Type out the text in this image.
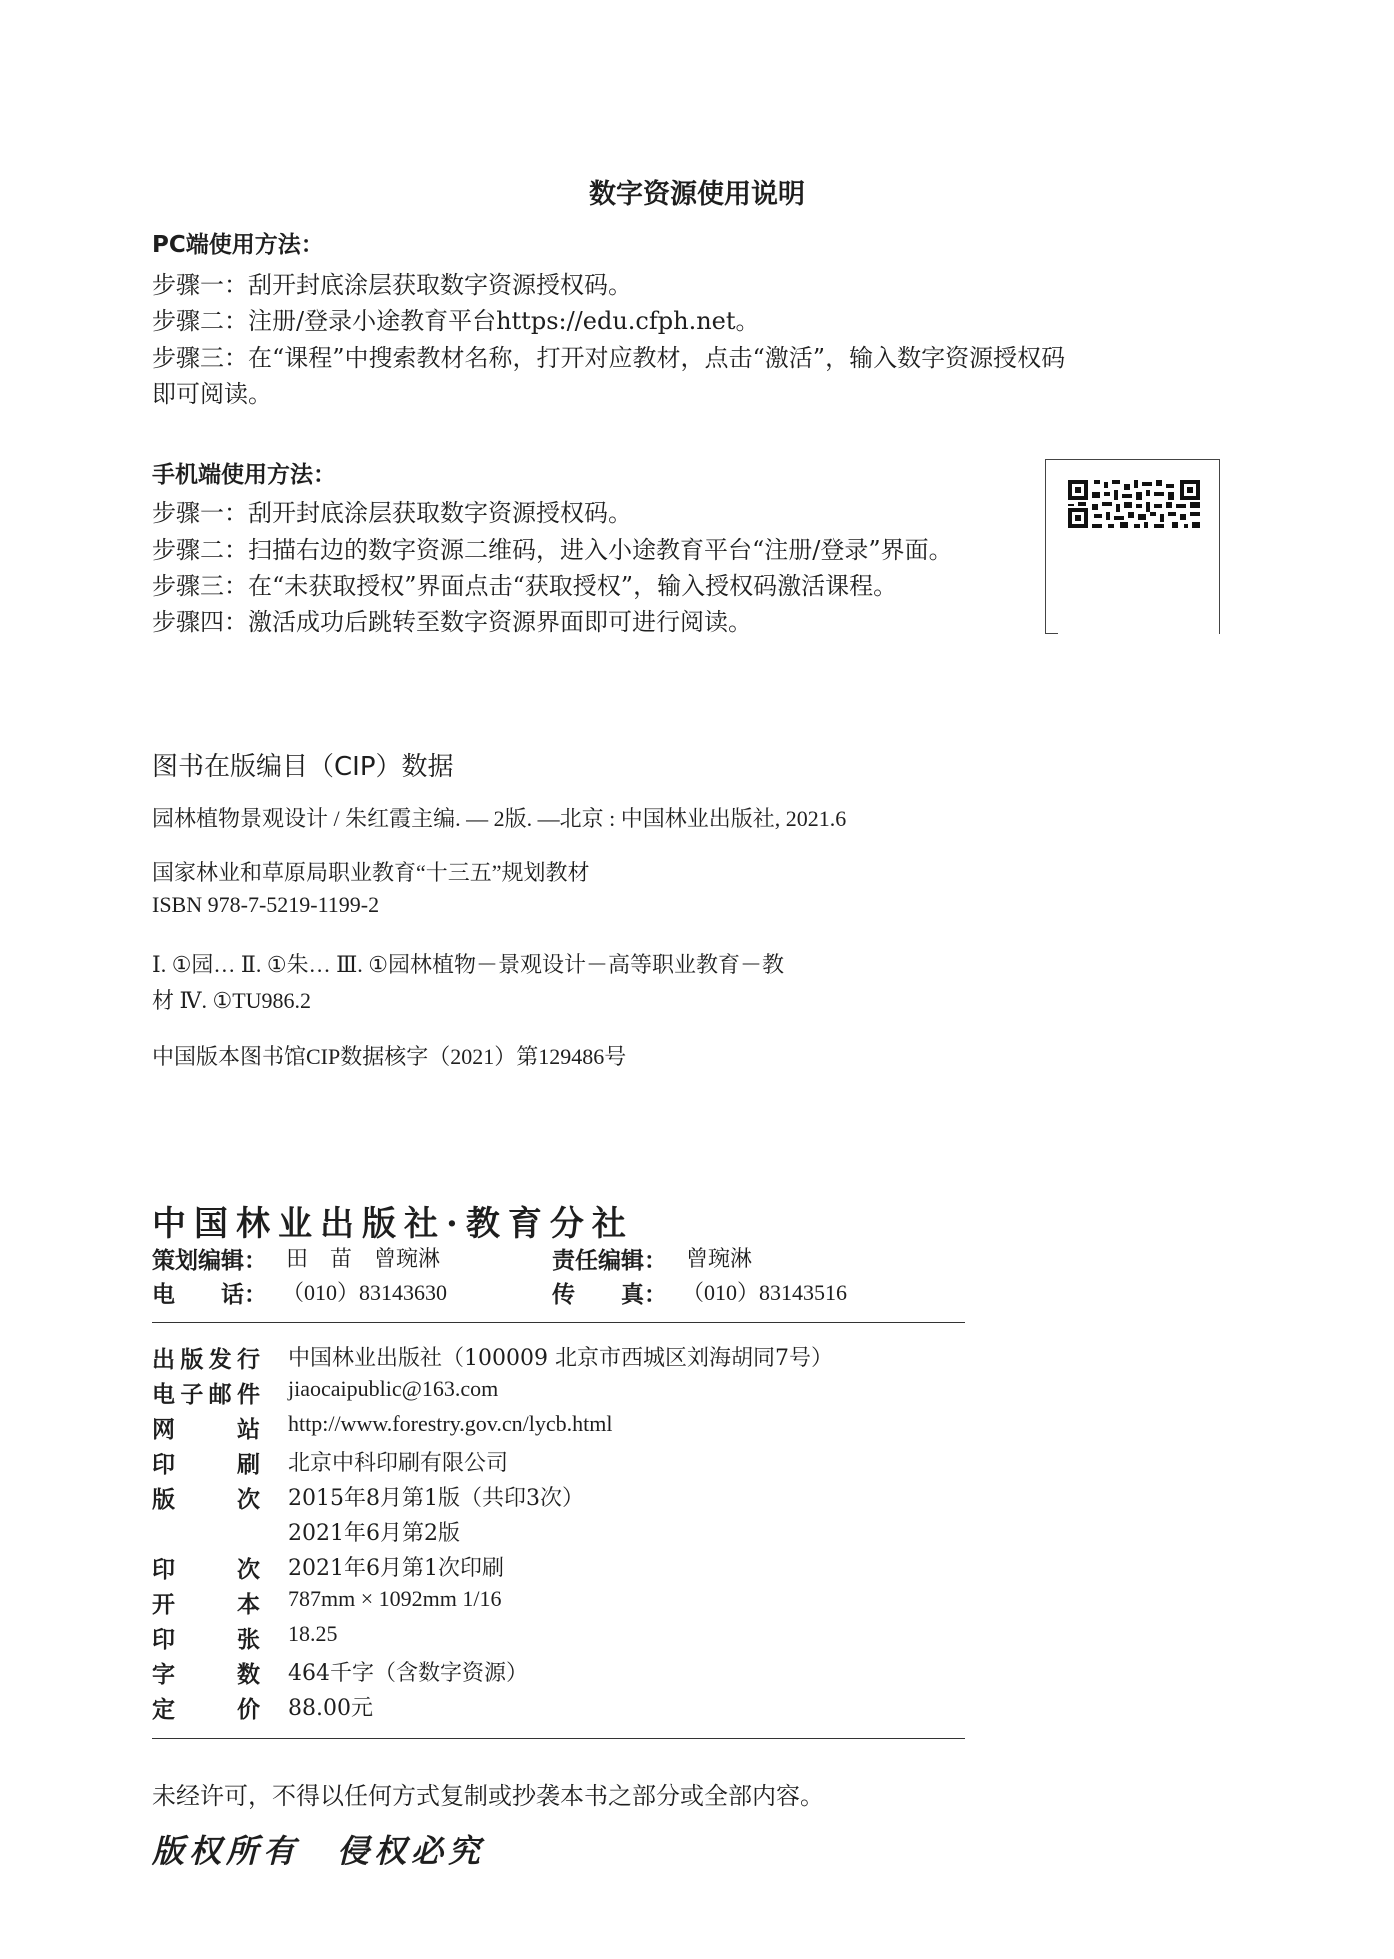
数字资源使用说明
PC端使用方法：
步骤一：刮开封底涂层获取数字资源授权码。
步骤二：注册/登录小途教育平台https://edu.cfph.net。
步骤三：在“课程”中搜索教材名称，打开对应教材，点击“激活”，输入数字资源授权码
即可阅读。
手机端使用方法：
步骤一：刮开封底涂层获取数字资源授权码。
步骤二：扫描右边的数字资源二维码，进入小途教育平台“注册/登录”界面。
步骤三：在“未获取授权”界面点击“获取授权”，输入授权码激活课程。
步骤四：激活成功后跳转至数字资源界面即可进行阅读。
图书在版编目（CIP）数据
园林植物景观设计 / 朱红霞主编. — 2版. —北京 : 中国林业出版社, 2021.6
国家林业和草原局职业教育“十三五”规划教材
ISBN 978-7-5219-1199-2
Ⅰ. ①园… Ⅱ. ①朱… Ⅲ. ①园林植物－景观设计－高等职业教育－教
材 Ⅳ. ①TU986.2
中国版本图书馆CIP数据核字（2021）第129486号
中国林业出版社·教育分社
策划编辑： 田　苗　曾琬淋	责任编辑： 曾琬淋
电　　话： （010）83143630	传　　真： （010）83143516
出版发行 中国林业出版社（100009 北京市西城区刘海胡同7号）
电子邮件 jiaocaipublic@163.com
网　　站 http://www.forestry.gov.cn/lycb.html
印　　刷 北京中科印刷有限公司
版　　次 2015年8月第1版（共印3次）
2021年6月第2版
印　　次 2021年6月第1次印刷
开　　本 787mm × 1092mm 1/16
印　　张 18.25
字　　数 464千字（含数字资源）
定　　价 88.00元
未经许可，不得以任何方式复制或抄袭本书之部分或全部内容。
版权所有　侵权必究
